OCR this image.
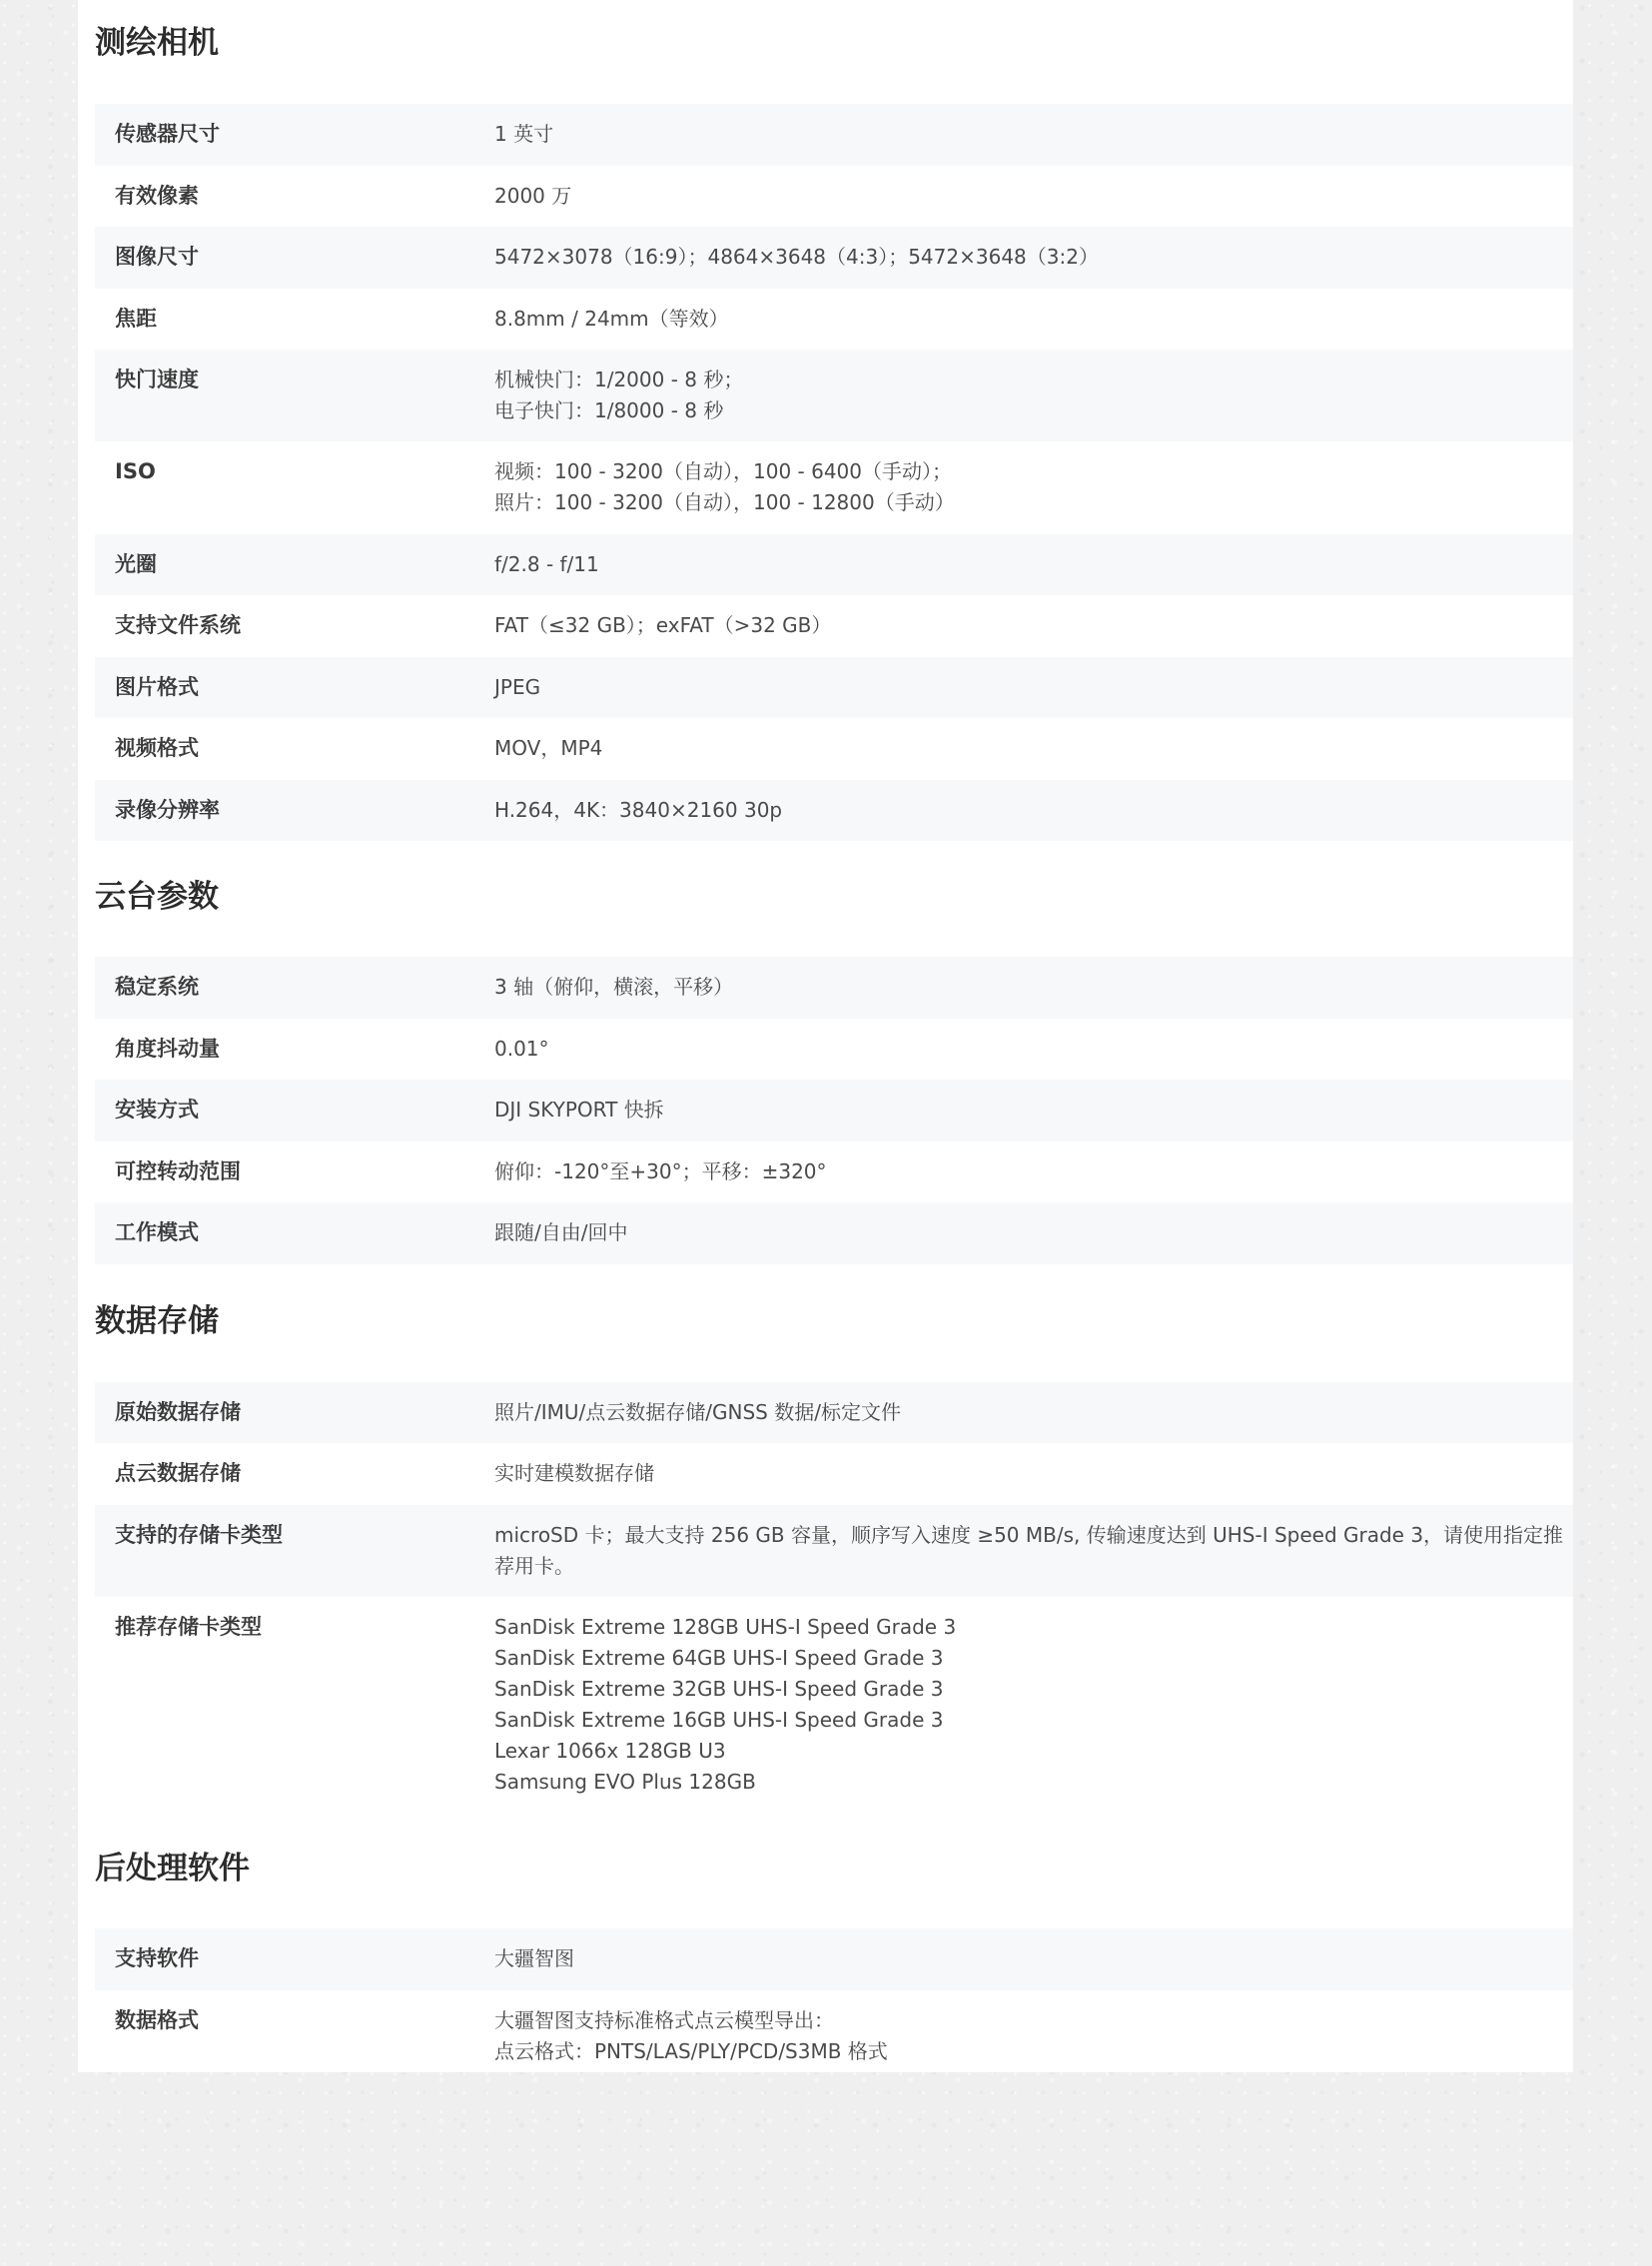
测绘相机
传感器尺寸	1 英寸
有效像素	2000 万
图像尺寸	5472×3078（16:9）；4864×3648（4:3）；5472×3648（3:2）
焦距	8.8mm / 24mm（等效）
快门速度	机械快门：1/2000 - 8 秒；
电子快门：1/8000 - 8 秒
ISO	视频：100 - 3200（自动），100 - 6400（手动）；
照片：100 - 3200（自动），100 - 12800（手动）
光圈	f/2.8 - f/11
支持文件系统	FAT（≤32 GB）；exFAT（>32 GB）
图片格式	JPEG
视频格式	MOV，MP4
录像分辨率	H.264，4K：3840×2160 30p
云台参数
稳定系统	3 轴（俯仰，横滚，平移）
角度抖动量	0.01°
安装方式	DJI SKYPORT 快拆
可控转动范围	俯仰：-120°至+30°；平移：±320°
工作模式	跟随/自由/回中
数据存储
原始数据存储	照片/IMU/点云数据存储/GNSS 数据/标定文件
点云数据存储	实时建模数据存储
支持的存储卡类型	microSD 卡；最大支持 256 GB 容量，顺序写入速度 ≥50 MB/s, 传输速度达到 UHS-I Speed Grade 3，请使用指定推荐用卡。
推荐存储卡类型	SanDisk Extreme 128GB UHS-I Speed Grade 3
SanDisk Extreme 64GB UHS-I Speed Grade 3
SanDisk Extreme 32GB UHS-I Speed Grade 3
SanDisk Extreme 16GB UHS-I Speed Grade 3
Lexar 1066x 128GB U3
Samsung EVO Plus 128GB
后处理软件
支持软件	大疆智图
数据格式	大疆智图支持标准格式点云模型导出：
点云格式：PNTS/LAS/PLY/PCD/S3MB 格式
